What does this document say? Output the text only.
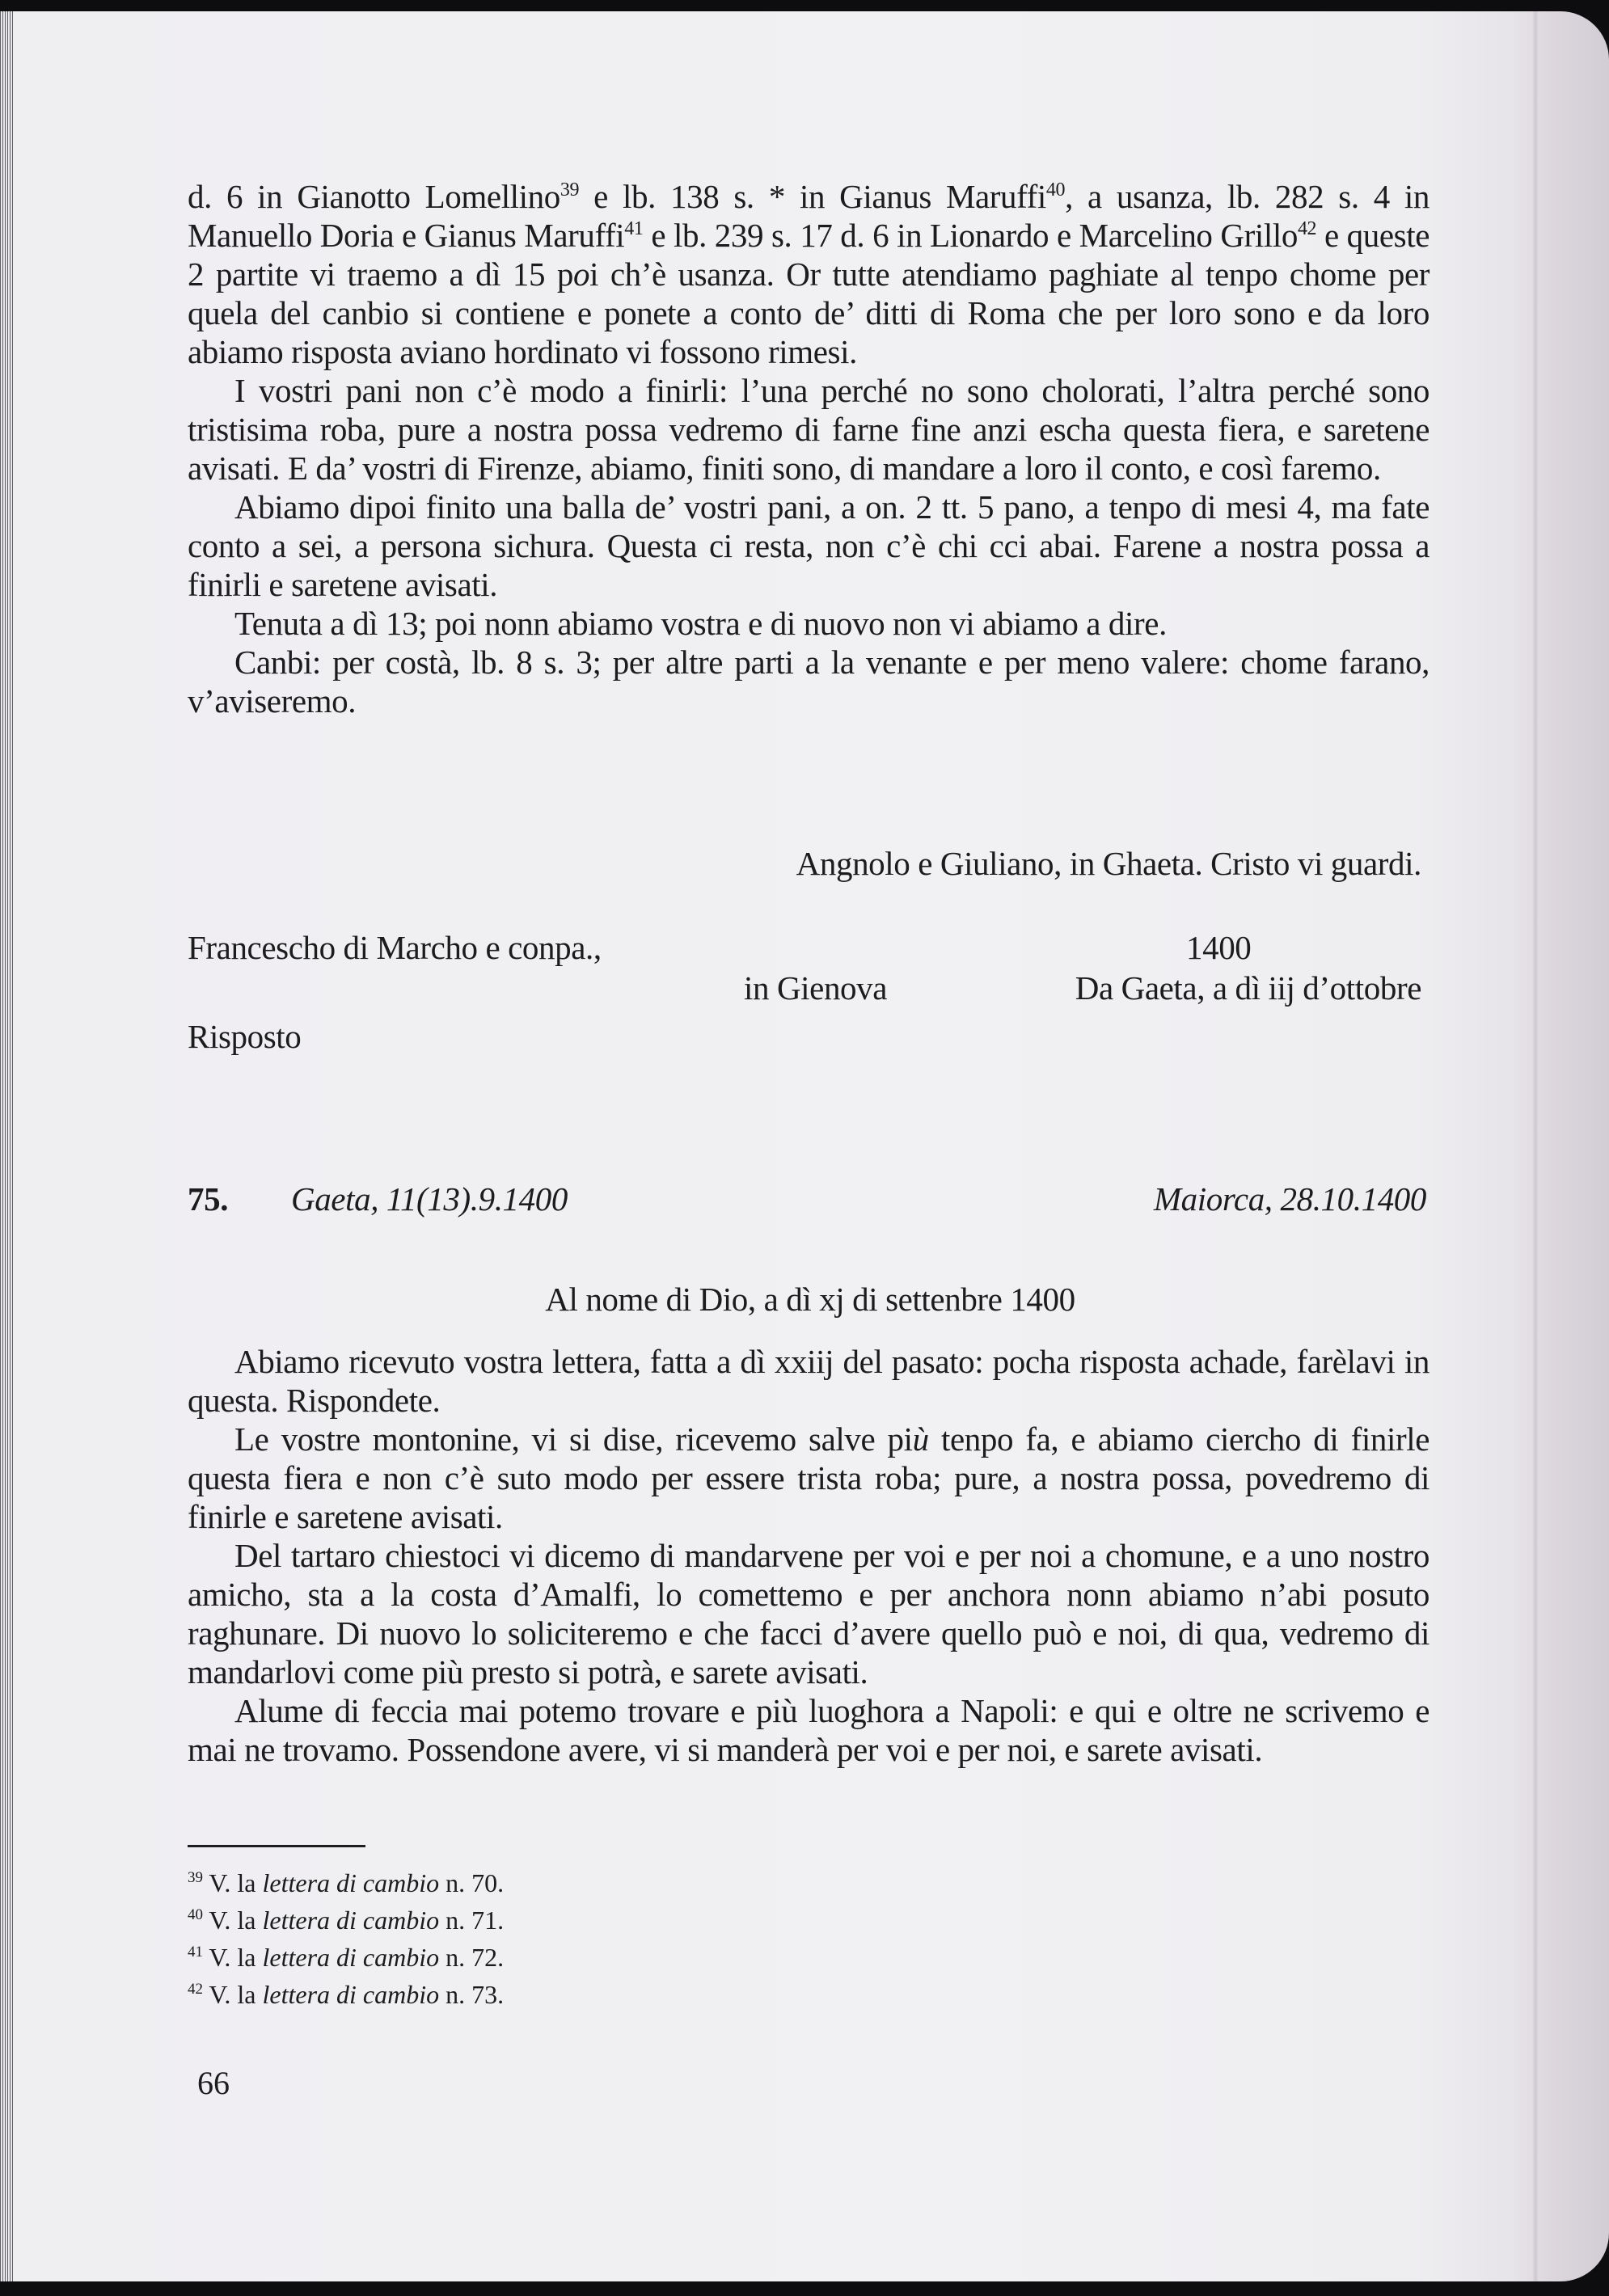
d. 6 in Gianotto Lomellino$^{39}$ e lb. 138 s. * in Gianus Maruffi$^{40}$, a usanza, lb. 282 s. 4 in Manuello Doria e Gianus Maruffi$^{41}$ e lb. 239 s. 17 d. 6 in Lionardo e Marcelino Grillo$^{42}$ e queste 2 partite vi traemo a dì 15 poi ch’è usanza. Or tutte atendiamo paghiate al tenpo chome per quela del canbio si contiene e ponete a conto de’ ditti di Roma che per loro sono e da loro abiamo risposta aviano hordinato vi fossono rimesi.

I vostri pani non c’è modo a finirli: l’una perché no sono cholorati, l’altra perché sono tristisima roba, pure a nostra possa vedremo di farne fine anzi escha questa fiera, e saretene avisati. E da’ vostri di Firenze, abiamo, finiti sono, di mandare a loro il conto, e così faremo.

Abiamo dipoi finito una balla de’ vostri pani, a on. 2 tt. 5 pano, a tenpo di mesi 4, ma fate conto a sei, a persona sichura. Questa ci resta, non c’è chi cci abai. Farene a nostra possa a finirli e saretene avisati.

Tenuta a dì 13; poi nonn abiamo vostra e di nuovo non vi abiamo a dire.

Canbi: per costà, lb. 8 s. 3; per altre parti a la venante e per meno valere: chome farano, v’aviseremo.

Angnolo e Giuliano, in Ghaeta. Cristo vi guardi.
Francescho di Marcho e conpa.,	1400
in Gienova	Da Gaeta, a dì iij d’ottobre
Risposto
75. Gaeta, 11(13).9.1400	Maiorca, 28.10.1400
Al nome di Dio, a dì xj di settenbre 1400

Abiamo ricevuto vostra lettera, fatta a dì xxiij del pasato: pocha risposta achade, farèlavi in questa. Rispondete.

Le vostre montonine, vi si dise, ricevemo salve più tenpo fa, e abiamo ciercho di finirle questa fiera e non c’è suto modo per essere trista roba; pure, a nostra possa, povedremo di finirle e saretene avisati.

Del tartaro chiestoci vi dicemo di mandarvene per voi e per noi a chomune, e a uno nostro amicho, sta a la costa d’Amalfi, lo comettemo e per anchora nonn abiamo n’abi posuto raghunare. Di nuovo lo soliciteremo e che facci d’avere quello può e noi, di qua, vedremo di mandarlovi come più presto si potrà, e sarete avisati.

Alume di feccia mai potemo trovare e più luoghora a Napoli: e qui e oltre ne scrivemo e mai ne trovamo. Possendone avere, vi si manderà per voi e per noi, e sarete avisati.

$^{39}$ V. la lettera di cambio n. 70.
$^{40}$ V. la lettera di cambio n. 71.
$^{41}$ V. la lettera di cambio n. 72.
$^{42}$ V. la lettera di cambio n. 73.
66
